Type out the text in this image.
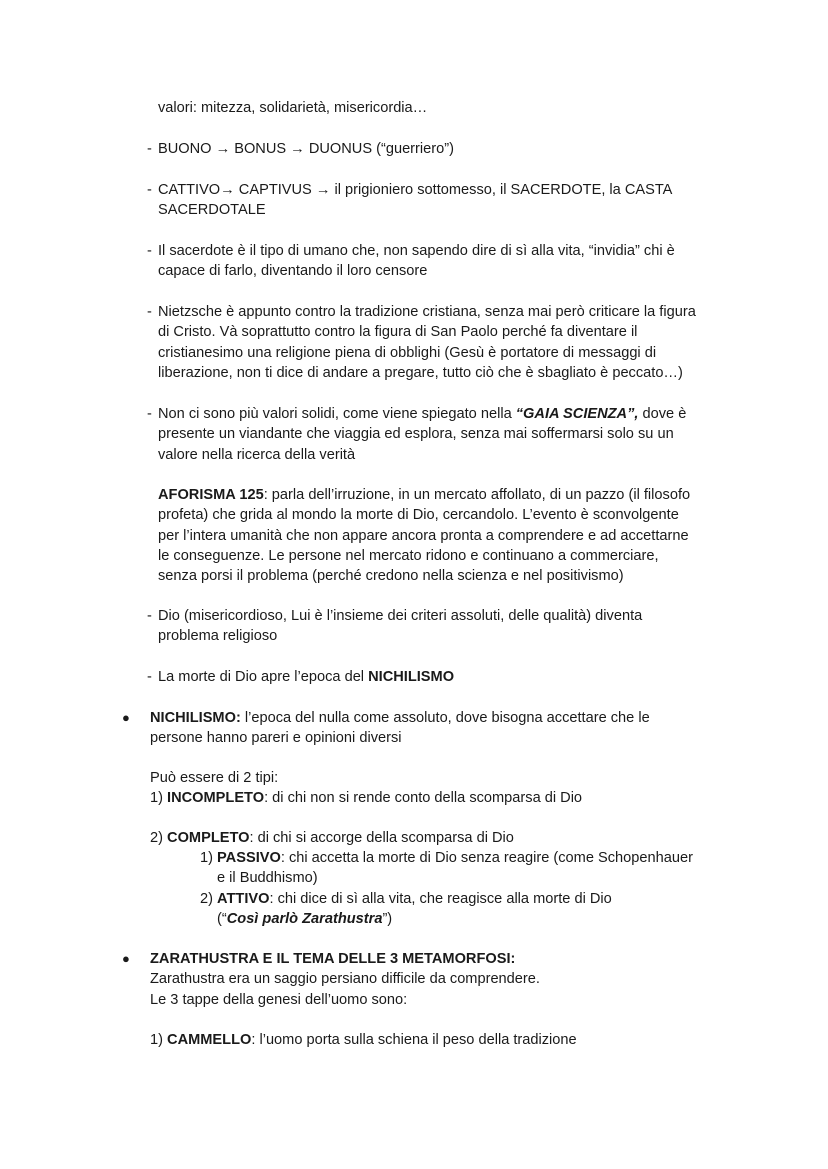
valori: mitezza, solidarietà, misericordia…
- BUONO → BONUS → DUONUS (“guerriero”)
- CATTIVO→ CAPTIVUS → il prigioniero sottomesso, il SACERDOTE, la CASTA
SACERDOTALE
- Il sacerdote è il tipo di umano che, non sapendo dire di sì alla vita, “invidia” chi è
capace di farlo, diventando il loro censore
- Nietzsche è appunto contro la tradizione cristiana, senza mai però criticare la figura
di Cristo. Và soprattutto contro la figura di San Paolo perché fa diventare il
cristianesimo una religione piena di obblighi (Gesù è portatore di messaggi di
liberazione, non ti dice di andare a pregare, tutto ciò che è sbagliato è peccato…)
- Non ci sono più valori solidi, come viene spiegato nella “GAIA SCIENZA”, dove è
presente un viandante che viaggia ed esplora, senza mai soffermarsi solo su un
valore nella ricerca della verità
AFORISMA 125: parla dell’irruzione, in un mercato affollato, di un pazzo (il filosofo
profeta) che grida al mondo la morte di Dio, cercandolo. L’evento è sconvolgente
per l’intera umanità che non appare ancora pronta a comprendere e ad accettarne
le conseguenze. Le persone nel mercato ridono e continuano a commerciare,
senza porsi il problema (perché credono nella scienza e nel positivismo)
- Dio (misericordioso, Lui è l’insieme dei criteri assoluti, delle qualità) diventa
problema religioso
- La morte di Dio apre l’epoca del NICHILISMO
● NICHILISMO: l’epoca del nulla come assoluto, dove bisogna accettare che le
persone hanno pareri e opinioni diversi
Può essere di 2 tipi:
1) INCOMPLETO: di chi non si rende conto della scomparsa di Dio
2) COMPLETO: di chi si accorge della scomparsa di Dio
1) PASSIVO: chi accetta la morte di Dio senza reagire (come Schopenhauer
e il Buddhismo)
2) ATTIVO: chi dice di sì alla vita, che reagisce alla morte di Dio
(“Così parlò Zarathustra”)
● ZARATHUSTRA E IL TEMA DELLE 3 METAMORFOSI:
Zarathustra era un saggio persiano difficile da comprendere.
Le 3 tappe della genesi dell’uomo sono:
1) CAMMELLO: l’uomo porta sulla schiena il peso della tradizione
